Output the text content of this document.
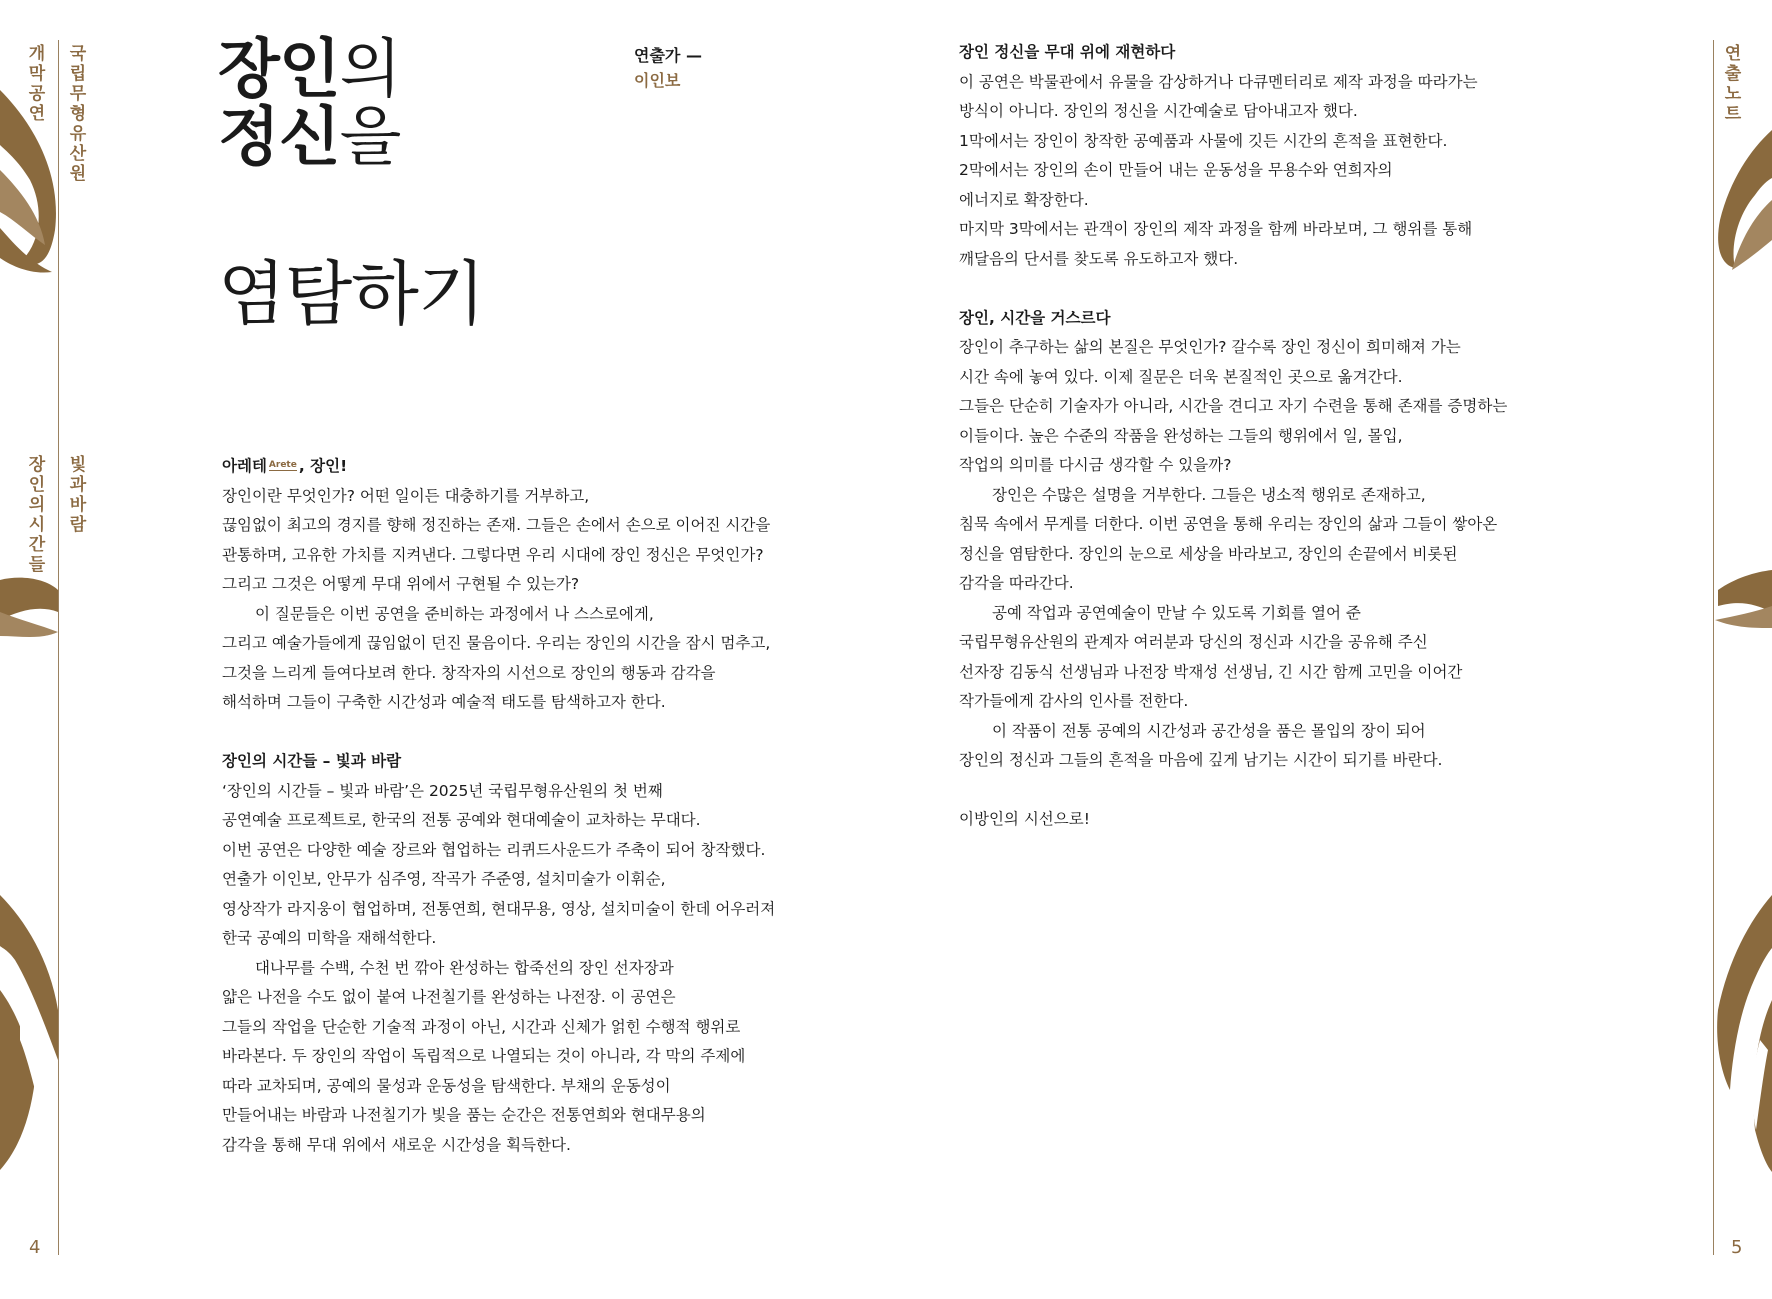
개막공연
국립무형유산원
장인의 시간들
빛과 바람
연출노트
4	5
장인의
정신을
염탐하기
연출가 —
이인보
아레테 $^{Arete}$ , 장인!

장인이란 무엇인가? 어떤 일이든 대충하기를 거부하고,

끊임없이 최고의 경지를 향해 정진하는 존재. 그들은 손에서 손으로 이어진 시간을

관통하며, 고유한 가치를 지켜낸다. 그렇다면 우리 시대에 장인 정신은 무엇인가?

그리고 그것은 어떻게 무대 위에서 구현될 수 있는가?

이 질문들은 이번 공연을 준비하는 과정에서 나 스스로에게,

그리고 예술가들에게 끊임없이 던진 물음이다. 우리는 장인의 시간을 잠시 멈추고,

그것을 느리게 들여다보려 한다. 창작자의 시선으로 장인의 행동과 감각을

해석하며 그들이 구축한 시간성과 예술적 태도를 탐색하고자 한다.

장인의 시간들 – 빛과 바람

‘장인의 시간들 – 빛과 바람’은 2025년 국립무형유산원의 첫 번째

공연예술 프로젝트로, 한국의 전통 공예와 현대예술이 교차하는 무대다.

이번 공연은 다양한 예술 장르와 협업하는 리퀴드사운드가 주축이 되어 창작했다.

연출가 이인보, 안무가 심주영, 작곡가 주준영, 설치미술가 이휘순,

영상작가 라지웅이 협업하며, 전통연희, 현대무용, 영상, 설치미술이 한데 어우러져

한국 공예의 미학을 재해석한다.

대나무를 수백, 수천 번 깎아 완성하는 합죽선의 장인 선자장과

얇은 나전을 수도 없이 붙여 나전칠기를 완성하는 나전장. 이 공연은

그들의 작업을 단순한 기술적 과정이 아닌, 시간과 신체가 얽힌 수행적 행위로

바라본다. 두 장인의 작업이 독립적으로 나열되는 것이 아니라, 각 막의 주제에

따라 교차되며, 공예의 물성과 운동성을 탐색한다. 부채의 운동성이

만들어내는 바람과 나전칠기가 빛을 품는 순간은 전통연희와 현대무용의

감각을 통해 무대 위에서 새로운 시간성을 획득한다.

장인 정신을 무대 위에 재현하다

이 공연은 박물관에서 유물을 감상하거나 다큐멘터리로 제작 과정을 따라가는

방식이 아니다. 장인의 정신을 시간예술로 담아내고자 했다.

1막에서는 장인이 창작한 공예품과 사물에 깃든 시간의 흔적을 표현한다.

2막에서는 장인의 손이 만들어 내는 운동성을 무용수와 연희자의

에너지로 확장한다.

마지막 3막에서는 관객이 장인의 제작 과정을 함께 바라보며, 그 행위를 통해

깨달음의 단서를 찾도록 유도하고자 했다.

장인, 시간을 거스르다

장인이 추구하는 삶의 본질은 무엇인가? 갈수록 장인 정신이 희미해져 가는

시간 속에 놓여 있다. 이제 질문은 더욱 본질적인 곳으로 옮겨간다.

그들은 단순히 기술자가 아니라, 시간을 견디고 자기 수련을 통해 존재를 증명하는

이들이다. 높은 수준의 작품을 완성하는 그들의 행위에서 일, 몰입,

작업의 의미를 다시금 생각할 수 있을까?

장인은 수많은 설명을 거부한다. 그들은 냉소적 행위로 존재하고,

침묵 속에서 무게를 더한다. 이번 공연을 통해 우리는 장인의 삶과 그들이 쌓아온

정신을 염탐한다. 장인의 눈으로 세상을 바라보고, 장인의 손끝에서 비롯된

감각을 따라간다.

공예 작업과 공연예술이 만날 수 있도록 기회를 열어 준

국립무형유산원의 관계자 여러분과 당신의 정신과 시간을 공유해 주신

선자장 김동식 선생님과 나전장 박재성 선생님, 긴 시간 함께 고민을 이어간

작가들에게 감사의 인사를 전한다.

이 작품이 전통 공예의 시간성과 공간성을 품은 몰입의 장이 되어

장인의 정신과 그들의 흔적을 마음에 깊게 남기는 시간이 되기를 바란다.

이방인의 시선으로!
